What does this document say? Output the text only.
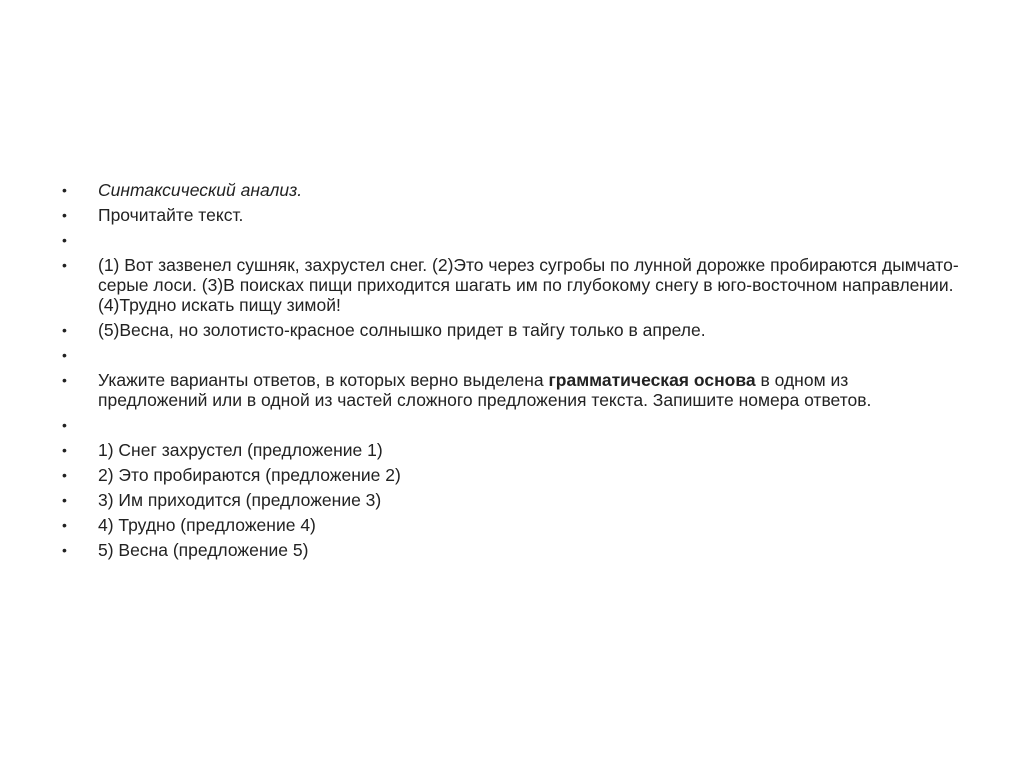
• Синтаксический анализ.
• Прочитайте текст.
•
• (1) Вот зазвенел сушняк, захрустел снег. (2)Это через сугробы по лунной дорожке пробираются дымчато-серые лоси. (3)В поисках пищи приходится шагать им по глубокому снегу в юго-восточном направлении. (4)Трудно искать пищу зимой!
• (5)Весна, но золотисто-красное солнышко придет в тайгу только в апреле.
•
• Укажите варианты ответов, в которых верно выделена грамматическая основа в одном из предложений или в одной из частей сложного предложения текста. Запишите номера ответов.
•
• 1) Снег захрустел (предложение 1)
• 2) Это пробираются (предложение 2)
• 3) Им приходится (предложение 3)
• 4) Трудно (предложение 4)
• 5) Весна (предложение 5)
